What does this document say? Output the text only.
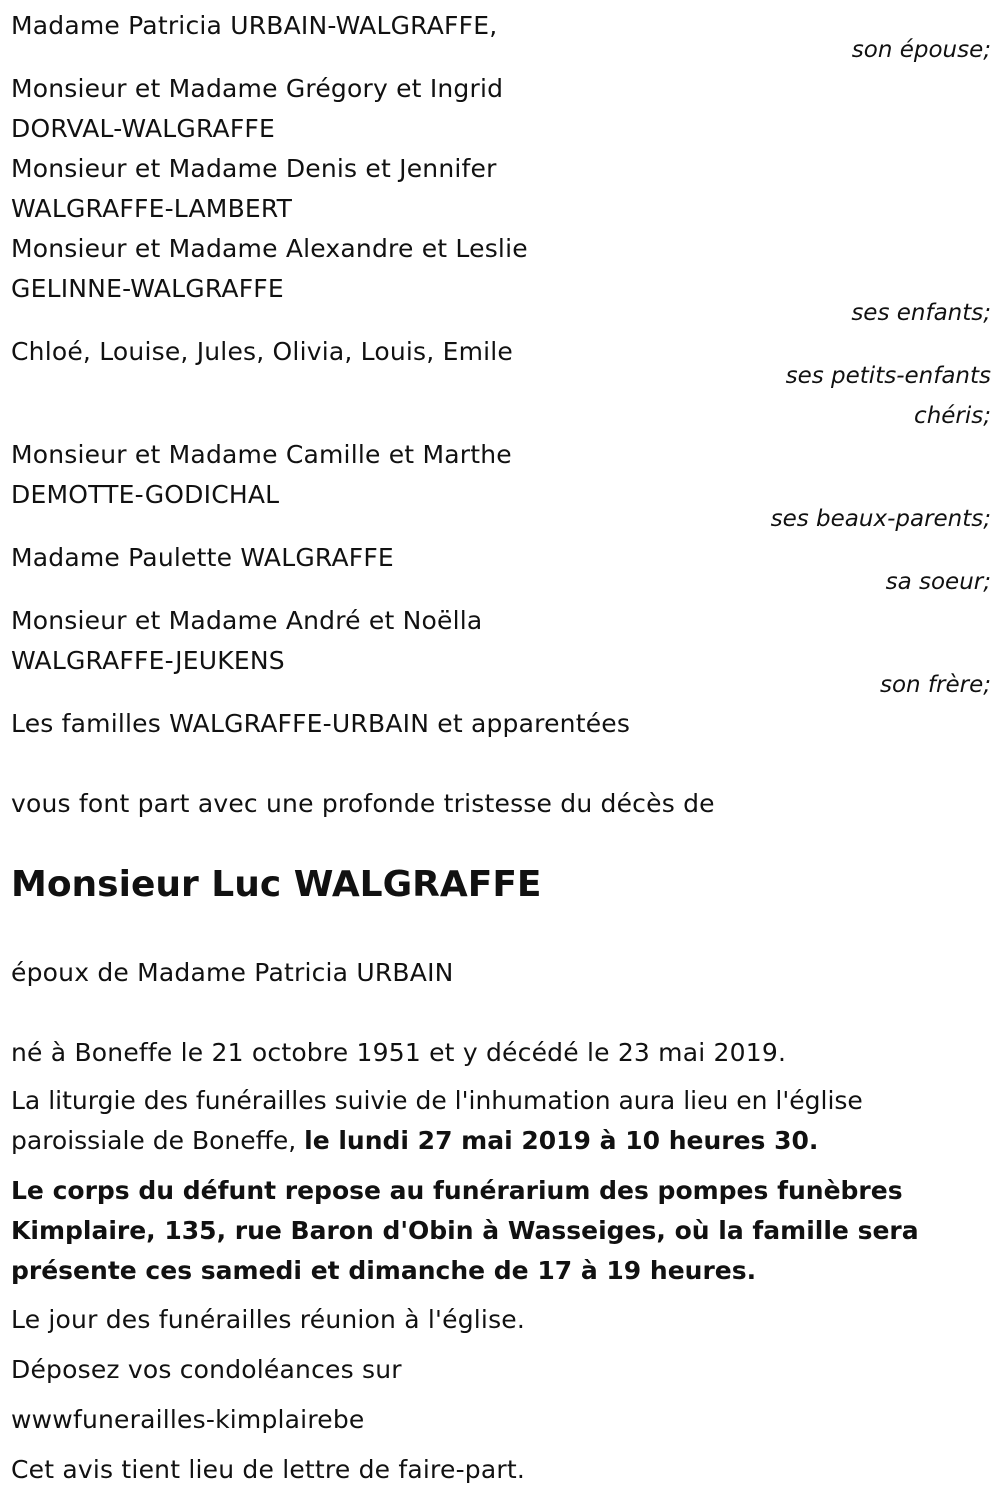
Madame Patricia URBAIN-WALGRAFFE,
son épouse;
Monsieur et Madame Grégory et Ingrid
DORVAL-WALGRAFFE
Monsieur et Madame Denis et Jennifer
WALGRAFFE-LAMBERT
Monsieur et Madame Alexandre et Leslie
GELINNE-WALGRAFFE
ses enfants;
Chloé, Louise, Jules, Olivia, Louis, Emile
ses petits-enfants
chéris;
Monsieur et Madame Camille et Marthe
DEMOTTE-GODICHAL
ses beaux-parents;
Madame Paulette WALGRAFFE
sa soeur;
Monsieur et Madame André et Noëlla
WALGRAFFE-JEUKENS
son frère;
Les familles WALGRAFFE-URBAIN et apparentées
vous font part avec une profonde tristesse du décès de
Monsieur Luc WALGRAFFE
époux de Madame Patricia URBAIN
né à Boneffe le 21 octobre 1951 et y décédé le 23 mai 2019.
La liturgie des funérailles suivie de l'inhumation aura lieu en l'église paroissiale de Boneffe, le lundi 27 mai 2019 à 10 heures 30.
Le corps du défunt repose au funérarium des pompes funèbres Kimplaire, 135, rue Baron d'Obin à Wasseiges, où la famille sera présente ces samedi et dimanche de 17 à 19 heures.
Le jour des funérailles réunion à l'église.
Déposez vos condoléances sur
wwwfunerailles-kimplairebe
Cet avis tient lieu de lettre de faire-part.
